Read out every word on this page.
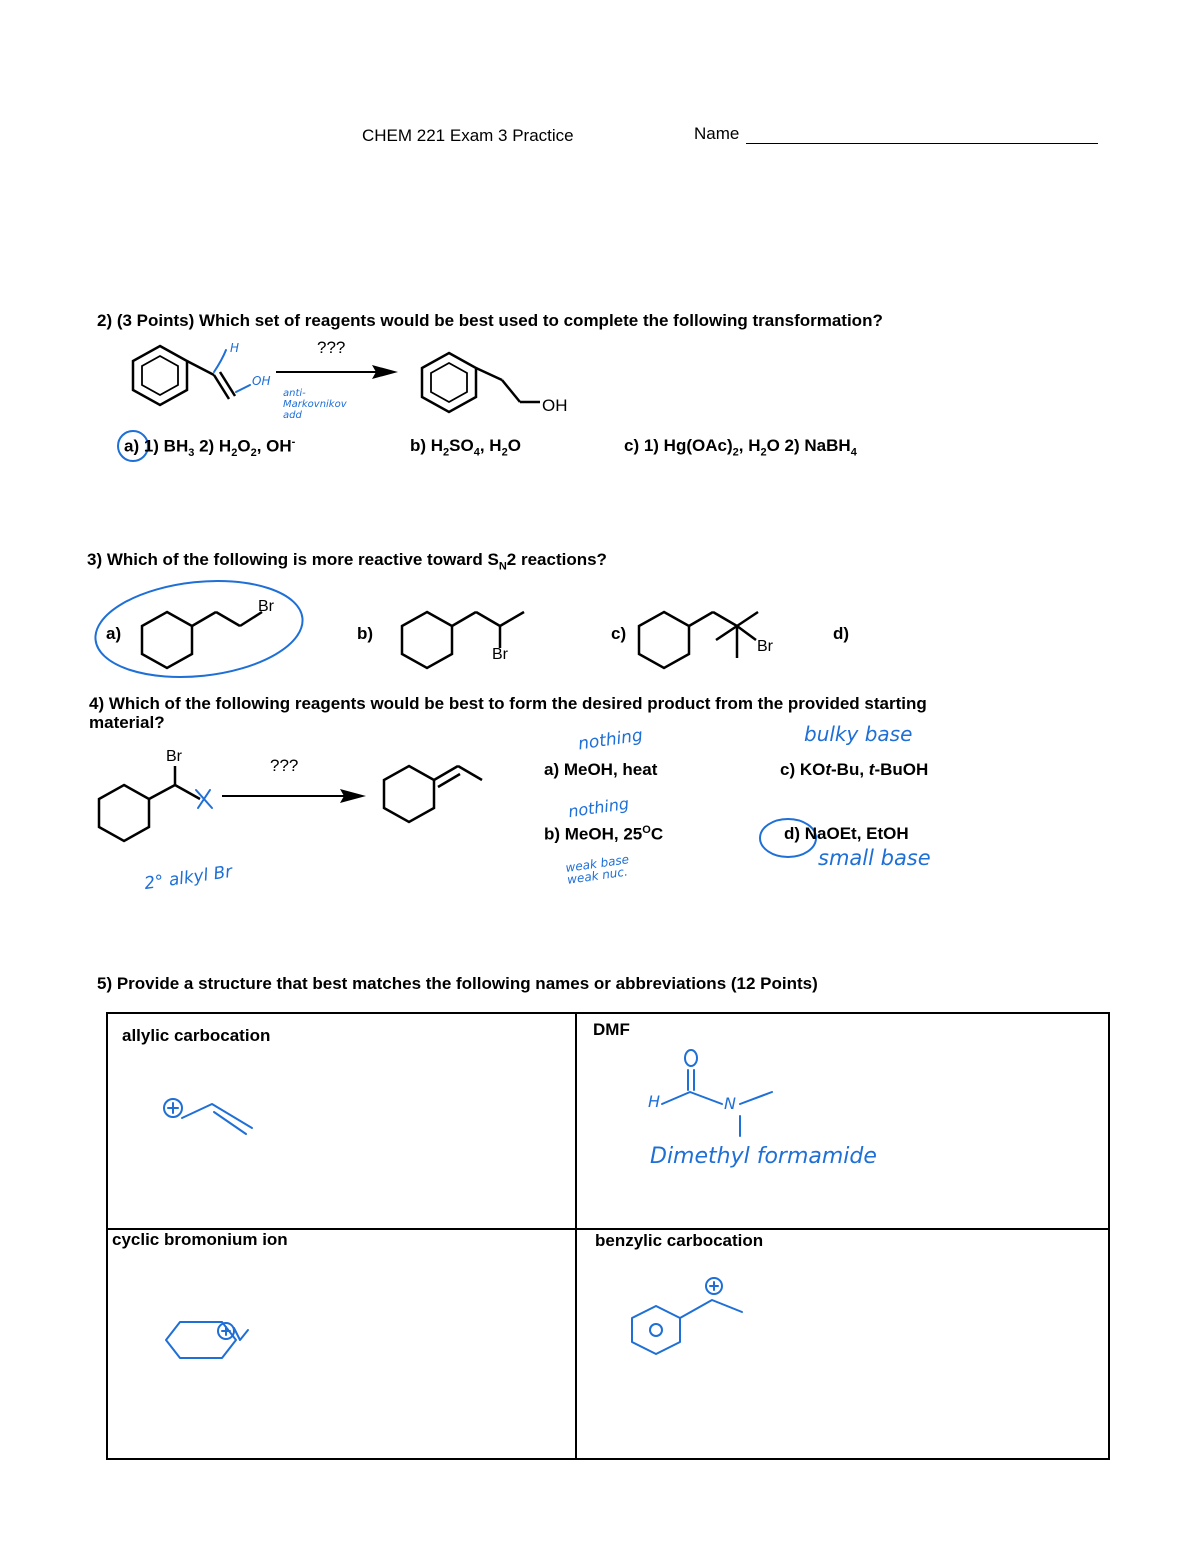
CHEM 221 Exam 3 Practice	Name
2) (3 Points) Which set of reagents would be best used to complete the following transformation?
???
H
OH
anti-Markovnikov add
OH
a) 1) $BH_3$ 2) $H_2O_2$, OH-	b) $H_2SO_4$, $H_2O$	c) 1) $Hg(OAc)_2$, $H_2O$ 2) NaBH$_4$
3) Which of the following is more reactive toward $S_N2$ reactions?
a)
Br
b)
Br
c)
Br
d)
4) Which of the following reagents would be best to form the desired product from the provided starting
material?
Br	???
2° alkyl Br
nothing
nothing
weak base weak nuc.
bulky base
small base
a) MeOH, heat
b) MeOH, $25^OC$
c) KOt-Bu, t-BuOH
d) NaOEt, EtOH
5) Provide a structure that best matches the following names or abbreviations (12 Points)
allylic carbocation	DMF
cyclic bromonium ion	benzylic carbocation
H	N
Dimethyl formamide
